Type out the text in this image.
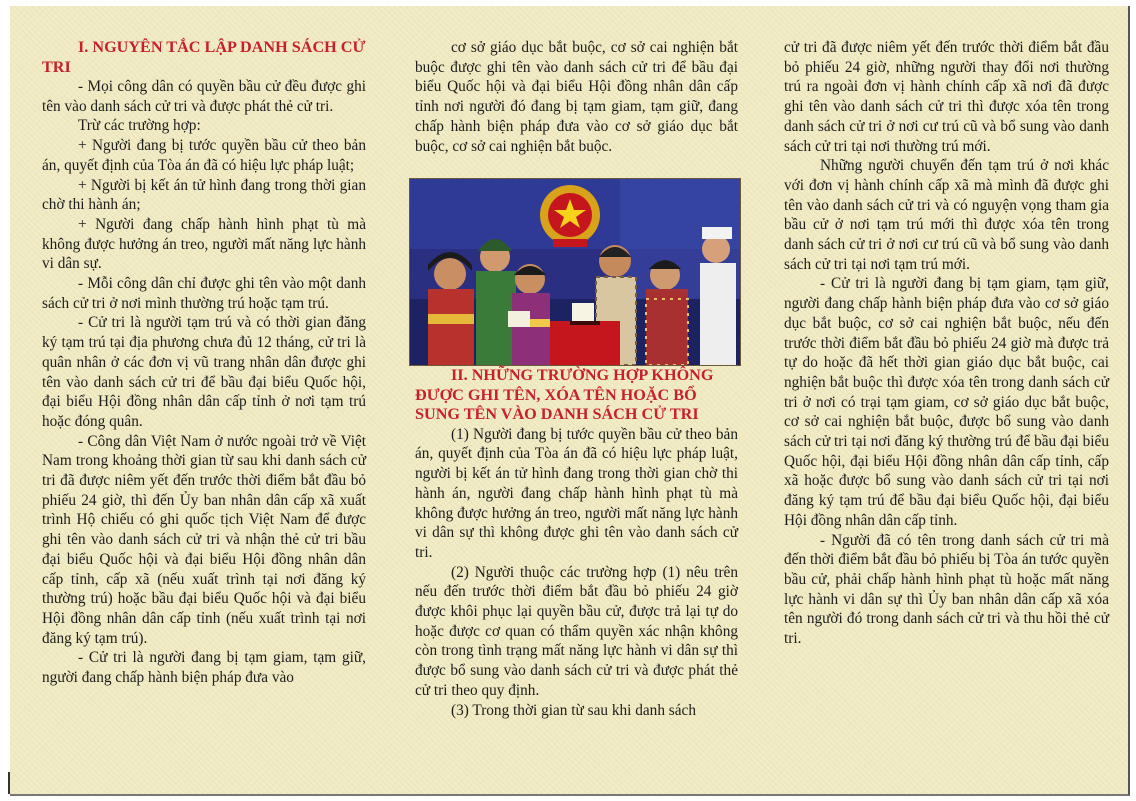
I. NGUYÊN TẮC LẬP DANH SÁCH CỬ TRI

- Mọi công dân có quyền bầu cử đều được ghi tên vào danh sách cử tri và được phát thẻ cử tri.

Trừ các trường hợp:

+ Người đang bị tước quyền bầu cử theo bản án, quyết định của Tòa án đã có hiệu lực pháp luật;

+ Người bị kết án tử hình đang trong thời gian chờ thi hành án;

+ Người đang chấp hành hình phạt tù mà không được hưởng án treo, người mất năng lực hành vi dân sự.

- Mỗi công dân chỉ được ghi tên vào một danh sách cử tri ở nơi mình thường trú hoặc tạm trú.

- Cử tri là người tạm trú và có thời gian đăng ký tạm trú tại địa phương chưa đủ 12 tháng, cử tri là quân nhân ở các đơn vị vũ trang nhân dân được ghi tên vào danh sách cử tri để bầu đại biểu Quốc hội, đại biểu Hội đồng nhân dân cấp tỉnh ở nơi tạm trú hoặc đóng quân.

- Công dân Việt Nam ở nước ngoài trở về Việt Nam trong khoảng thời gian từ sau khi danh sách cử tri đã được niêm yết đến trước thời điểm bắt đầu bỏ phiếu 24 giờ, thì đến Ủy ban nhân dân cấp xã xuất trình Hộ chiếu có ghi quốc tịch Việt Nam để được ghi tên vào danh sách cử tri và nhận thẻ cử tri bầu đại biểu Quốc hội và đại biểu Hội đồng nhân dân cấp tỉnh, cấp xã (nếu xuất trình tại nơi đăng ký thường trú) hoặc bầu đại biểu Quốc hội và đại biểu Hội đồng nhân dân cấp tỉnh (nếu xuất trình tại nơi đăng ký tạm trú).

- Cử tri là người đang bị tạm giam, tạm giữ, người đang chấp hành biện pháp đưa vào

cơ sở giáo dục bắt buộc, cơ sở cai nghiện bắt buộc được ghi tên vào danh sách cử tri để bầu đại biểu Quốc hội và đại biểu Hội đồng nhân dân cấp tỉnh nơi người đó đang bị tạm giam, tạm giữ, đang chấp hành biện pháp đưa vào cơ sở giáo dục bắt buộc, cơ sở cai nghiện bắt buộc.

II. NHỮNG TRƯỜNG HỢP KHÔNG ĐƯỢC GHI TÊN, XÓA TÊN HOẶC BỔ SUNG TÊN VÀO DANH SÁCH CỬ TRI

(1) Người đang bị tước quyền bầu cử theo bản án, quyết định của Tòa án đã có hiệu lực pháp luật, người bị kết án tử hình đang trong thời gian chờ thi hành án, người đang chấp hành hình phạt tù mà không được hưởng án treo, người mất năng lực hành vi dân sự thì không được ghi tên vào danh sách cử tri.

(2) Người thuộc các trường hợp (1) nêu trên nếu đến trước thời điểm bắt đầu bỏ phiếu 24 giờ được khôi phục lại quyền bầu cử, được trả lại tự do hoặc được cơ quan có thẩm quyền xác nhận không còn trong tình trạng mất năng lực hành vi dân sự thì được bổ sung vào danh sách cử tri và được phát thẻ cử tri theo quy định.

(3) Trong thời gian từ sau khi danh sách

cử tri đã được niêm yết đến trước thời điểm bắt đầu bỏ phiếu 24 giờ, những người thay đổi nơi thường trú ra ngoài đơn vị hành chính cấp xã nơi đã được ghi tên vào danh sách cử tri thì được xóa tên trong danh sách cử tri ở nơi cư trú cũ và bổ sung vào danh sách cử tri tại nơi thường trú mới.

Những người chuyển đến tạm trú ở nơi khác với đơn vị hành chính cấp xã mà mình đã được ghi tên vào danh sách cử tri và có nguyện vọng tham gia bầu cử ở nơi tạm trú mới thì được xóa tên trong danh sách cử tri ở nơi cư trú cũ và bổ sung vào danh sách cử tri tại nơi tạm trú mới.

- Cử tri là người đang bị tạm giam, tạm giữ, người đang chấp hành biện pháp đưa vào cơ sở giáo dục bắt buộc, cơ sở cai nghiện bắt buộc, nếu đến trước thời điểm bắt đầu bỏ phiếu 24 giờ mà được trả tự do hoặc đã hết thời gian giáo dục bắt buộc, cai nghiện bắt buộc thì được xóa tên trong danh sách cử tri ở nơi có trại tạm giam, cơ sở giáo dục bắt buộc, cơ sở cai nghiện bắt buộc, được bổ sung vào danh sách cử tri tại nơi đăng ký thường trú để bầu đại biểu Quốc hội, đại biểu Hội đồng nhân dân cấp tỉnh, cấp xã hoặc được bổ sung vào danh sách cử tri tại nơi đăng ký tạm trú để bầu đại biểu Quốc hội, đại biểu Hội đồng nhân dân cấp tỉnh.

- Người đã có tên trong danh sách cử tri mà đến thời điểm bắt đầu bỏ phiếu bị Tòa án tước quyền bầu cử, phải chấp hành hình phạt tù hoặc mất năng lực hành vi dân sự thì Ủy ban nhân dân cấp xã xóa tên người đó trong danh sách cử tri và thu hồi thẻ cử tri.
